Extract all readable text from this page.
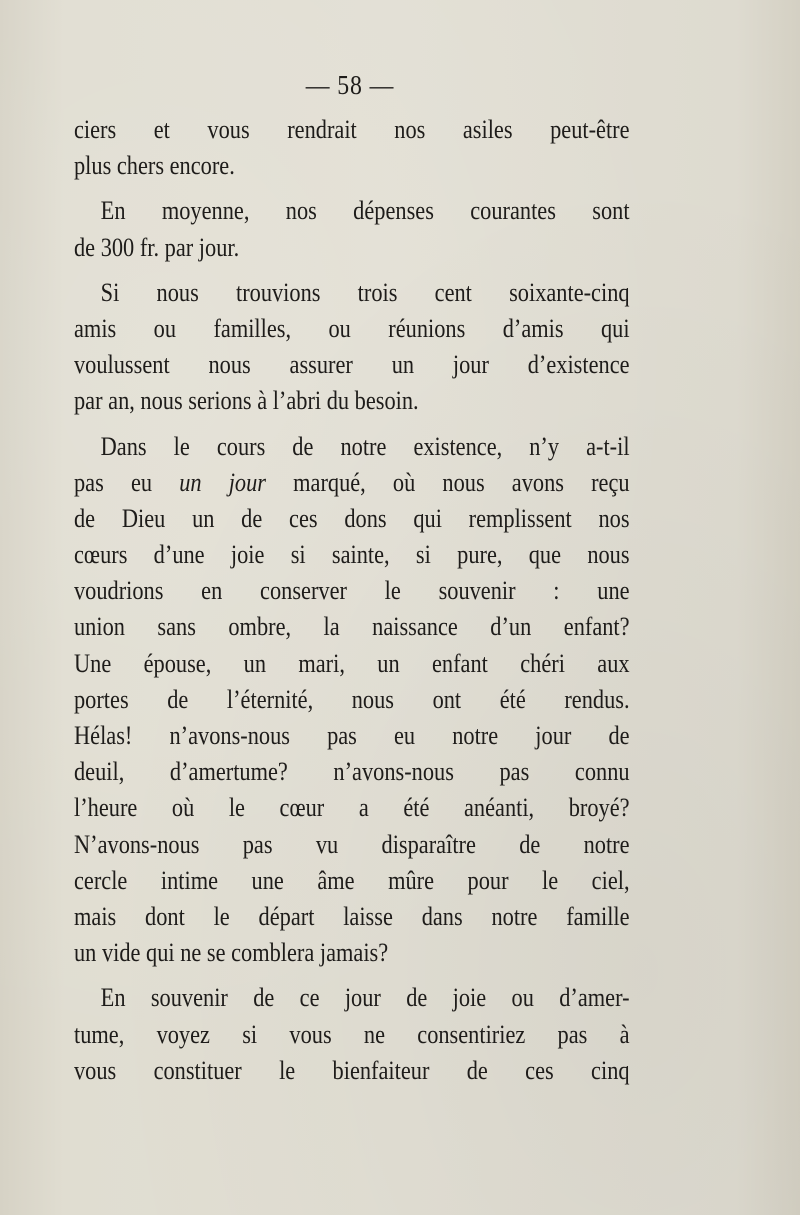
— 58 —
ciers et vous rendrait nos asiles peut-être
plus chers encore.
En moyenne, nos dépenses courantes sont
de 300 fr. par jour.
Si nous trouvions trois cent soixante-cinq
amis ou familles, ou réunions d’amis qui
voulussent nous assurer un jour d’existence
par an, nous serions à l’abri du besoin.
Dans le cours de notre existence, n’y a-t-il
pas eu un jour marqué, où nous avons reçu
de Dieu un de ces dons qui remplissent nos
cœurs d’une joie si sainte, si pure, que nous
voudrions en conserver le souvenir : une
union sans ombre, la naissance d’un enfant?
Une épouse, un mari, un enfant chéri aux
portes de l’éternité, nous ont été rendus.
Hélas! n’avons-nous pas eu notre jour de
deuil, d’amertume? n’avons-nous pas connu
l’heure où le cœur a été anéanti, broyé?
N’avons-nous pas vu disparaître de notre
cercle intime une âme mûre pour le ciel,
mais dont le départ laisse dans notre famille
un vide qui ne se comblera jamais?
En souvenir de ce jour de joie ou d’amer-
tume, voyez si vous ne consentiriez pas à
vous constituer le bienfaiteur de ces cinq
